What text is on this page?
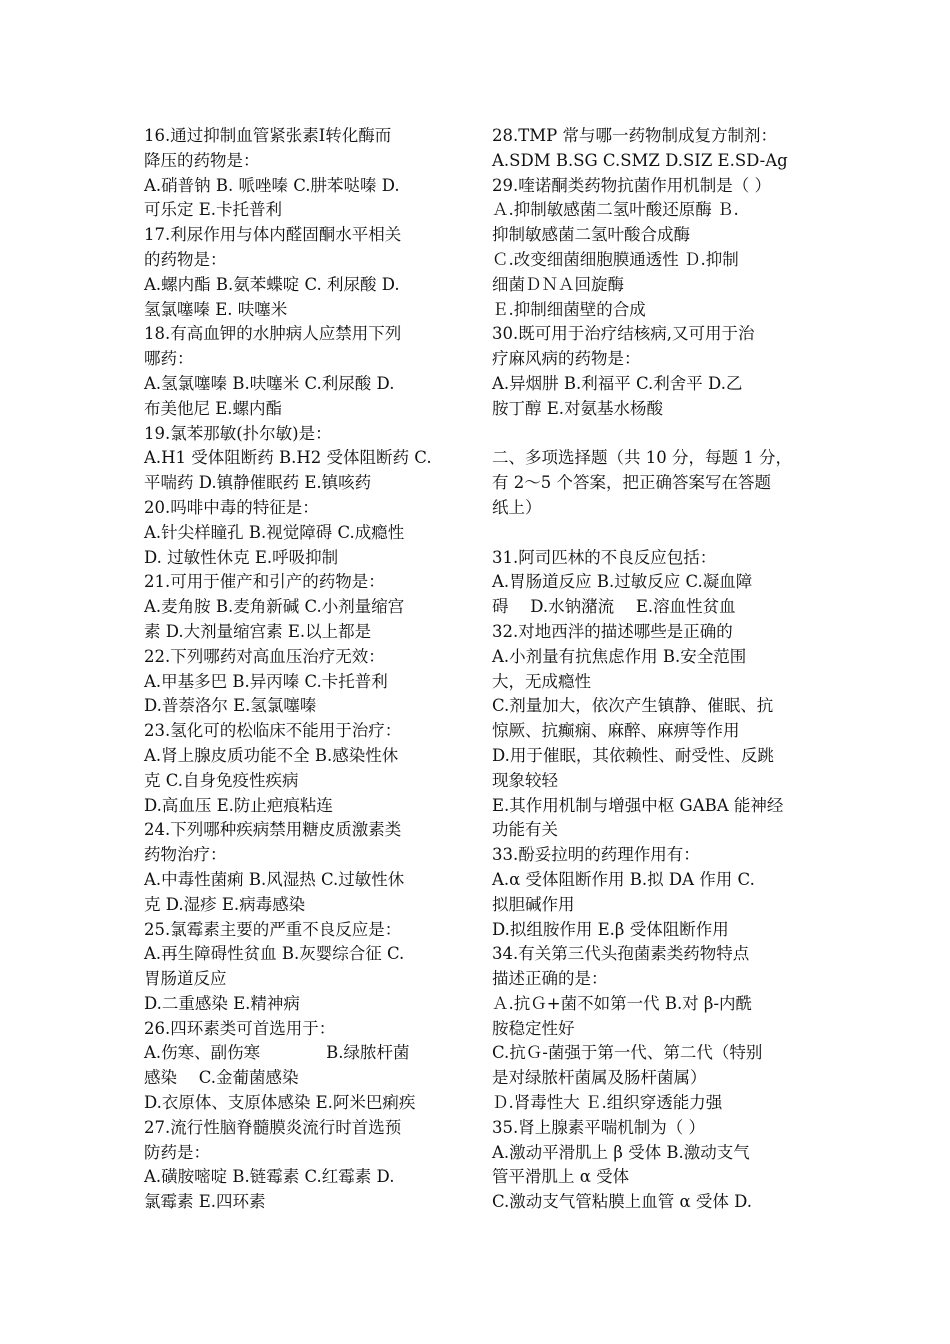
16.通过抑制血管紧张素Ⅰ转化酶而
降压的药物是：
A.硝普钠 B. 哌唑嗪 C.肼苯哒嗪 D.
可乐定 E.卡托普利
17.利尿作用与体内醛固酮水平相关
的药物是：
A.螺内酯 B.氨苯蝶啶 C. 利尿酸 D.
氢氯噻嗪 E. 呋噻米
18.有高血钾的水肿病人应禁用下列
哪药：
A.氢氯噻嗪 B.呋噻米 C.利尿酸 D.
布美他尼 E.螺内酯
19.氯苯那敏(扑尔敏)是：
A.H1 受体阻断药 B.H2 受体阻断药 C.
平喘药 D.镇静催眠药 E.镇咳药
20.吗啡中毒的特征是：
A.针尖样瞳孔 B.视觉障碍 C.成瘾性
D. 过敏性休克 E.呼吸抑制
21.可用于催产和引产的药物是：
A.麦角胺 B.麦角新碱 C.小剂量缩宫
素 D.大剂量缩宫素 E.以上都是
22.下列哪药对高血压治疗无效：
A.甲基多巴 B.异丙嗪 C.卡托普利
D.普萘洛尔 E.氢氯噻嗪
23.氢化可的松临床不能用于治疗：
A.肾上腺皮质功能不全 B.感染性休
克 C.自身免疫性疾病
D.高血压 E.防止疤痕粘连
24.下列哪种疾病禁用糖皮质激素类
药物治疗：
A.中毒性菌痢 B.风湿热 C.过敏性休
克 D.湿疹 E.病毒感染
25.氯霉素主要的严重不良反应是：
A.再生障碍性贫血 B.灰婴综合征 C.
胃肠道反应
D.二重感染 E.精神病
26.四环素类可首选用于：
A.伤寒、副伤寒　　　　B.绿脓杆菌
感染　 C.金葡菌感染
D.衣原体、支原体感染 E.阿米巴痢疾
27.流行性脑脊髓膜炎流行时首选预
防药是：
A.磺胺嘧啶 B.链霉素 C.红霉素 D.
氯霉素 E.四环素
28.TMP 常与哪一药物制成复方制剂：
A.SDM B.SG C.SMZ D.SIZ E.SD-Ag
29.喹诺酮类药物抗菌作用机制是（ ）
Ａ.抑制敏感菌二氢叶酸还原酶 Ｂ.
抑制敏感菌二氢叶酸合成酶
Ｃ.改变细菌细胞膜通透性 Ｄ.抑制
细菌ＤＮＡ回旋酶
Ｅ.抑制细菌壁的合成
30.既可用于治疗结核病,又可用于治
疗麻风病的药物是：
A.异烟肼 B.利福平 C.利舍平 D.乙
胺丁醇 E.对氨基水杨酸
二、多项选择题（共 10 分，每题 1 分，
有 2～5 个答案，把正确答案写在答题
纸上）
31.阿司匹林的不良反应包括：
A.胃肠道反应 B.过敏反应 C.凝血障
碍　 D.水钠潴流　 E.溶血性贫血
32.对地西泮的描述哪些是正确的
A.小剂量有抗焦虑作用 B.安全范围
大，无成瘾性
C.剂量加大，依次产生镇静、催眠、抗
惊厥、抗癫痫、麻醉、麻痹等作用
D.用于催眠，其依赖性、耐受性、反跳
现象较轻
E.其作用机制与增强中枢 GABA 能神经
功能有关
33.酚妥拉明的药理作用有：
A.α 受体阻断作用 B.拟 DA 作用 C.
拟胆碱作用
D.拟组胺作用 E.β 受体阻断作用
34.有关第三代头孢菌素类药物特点
描述正确的是：
Ａ.抗Ｇ+菌不如第一代 B.对 β-内酰
胺稳定性好
C.抗Ｇ-菌强于第一代、第二代（特别
是对绿脓杆菌属及肠杆菌属）
Ｄ.肾毒性大 Ｅ.组织穿透能力强
35.肾上腺素平喘机制为（ ）
A.激动平滑肌上 β 受体 B.激动支气
管平滑肌上 α 受体
C.激动支气管粘膜上血管 α 受体 D.
